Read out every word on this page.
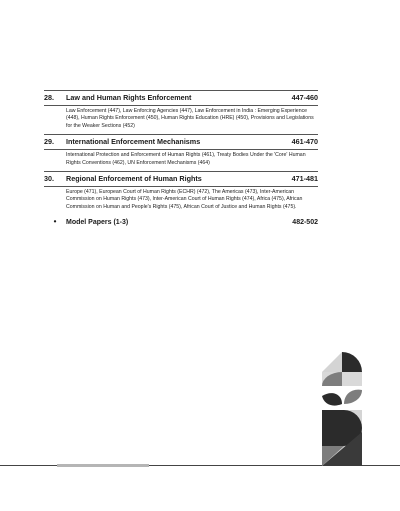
28.	Law and Human Rights Enforcement	447-460
Law Enforcement (447), Law Enforcing Agencies (447), Law Enforcement in India : Emerging Experience (448), Human Rights Enforcement (450), Human Rights Education (HRE) (450), Provisions and Legislations for the Weaker Sections (452)
29.	International Enforcement Mechanisms	461-470
International Protection and Enforcement of Human Rights (461), Treaty Bodies Under the 'Core' Human Rights Conventions (462), UN Enforcement Mechanisms (464)
30.	Regional Enforcement of Human Rights	471-481
Europe (471), European Court of Human Rights (ECHR) (472), The Americas (473), Inter-American Commission on Human Rights (473), Inter-American Court of Human Rights (474), Africa (475), African Commission on Human and People's Rights (475), African Court of Justice and Human Rights (475).
•	Model Papers (1-3)	482-502
